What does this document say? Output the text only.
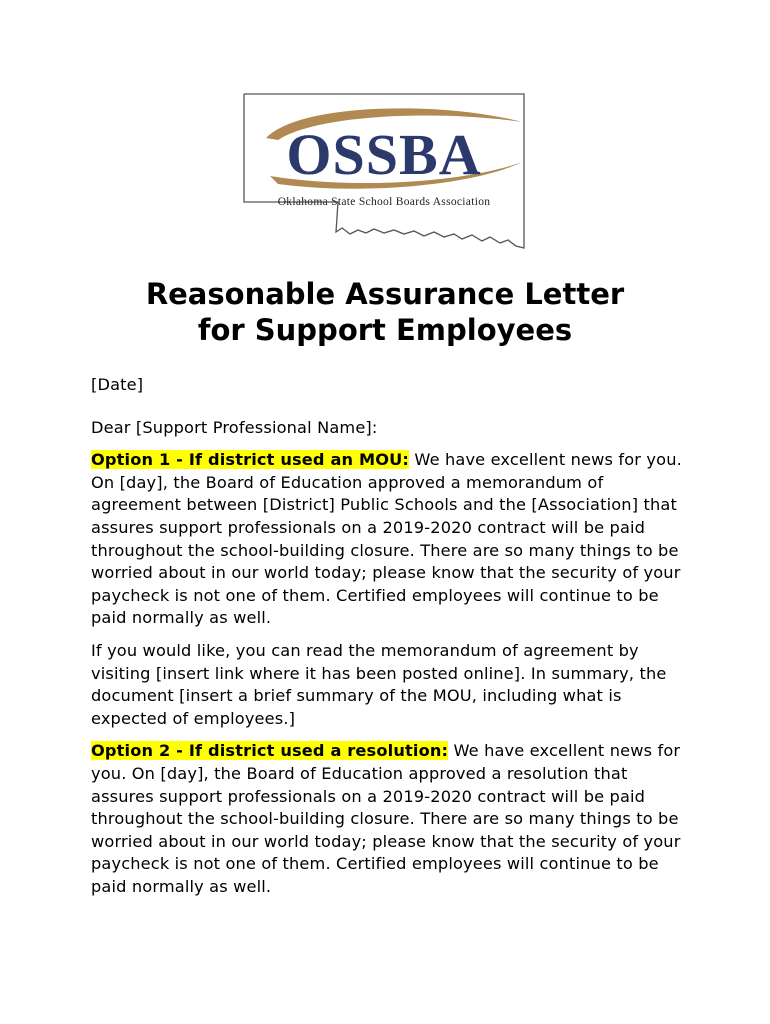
OSSBA
Oklahoma State School Boards Association
Reasonable Assurance Letter
for Support Employees

[Date]

Dear [Support Professional Name]:

Option 1 - If district used an MOU: We have excellent news for you. On [day], the Board of Education approved a memorandum of agreement between [District] Public Schools and the [Association] that assures support professionals on a 2019-2020 contract will be paid throughout the school-building closure. There are so many things to be worried about in our world today; please know that the security of your paycheck is not one of them. Certified employees will continue to be paid normally as well.

If you would like, you can read the memorandum of agreement by visiting [insert link where it has been posted online]. In summary, the document [insert a brief summary of the MOU, including what is expected of employees.]

Option 2 - If district used a resolution: We have excellent news for you. On [day], the Board of Education approved a resolution that assures support professionals on a 2019-2020 contract will be paid throughout the school-building closure. There are so many things to be worried about in our world today; please know that the security of your paycheck is not one of them. Certified employees will continue to be paid normally as well.
